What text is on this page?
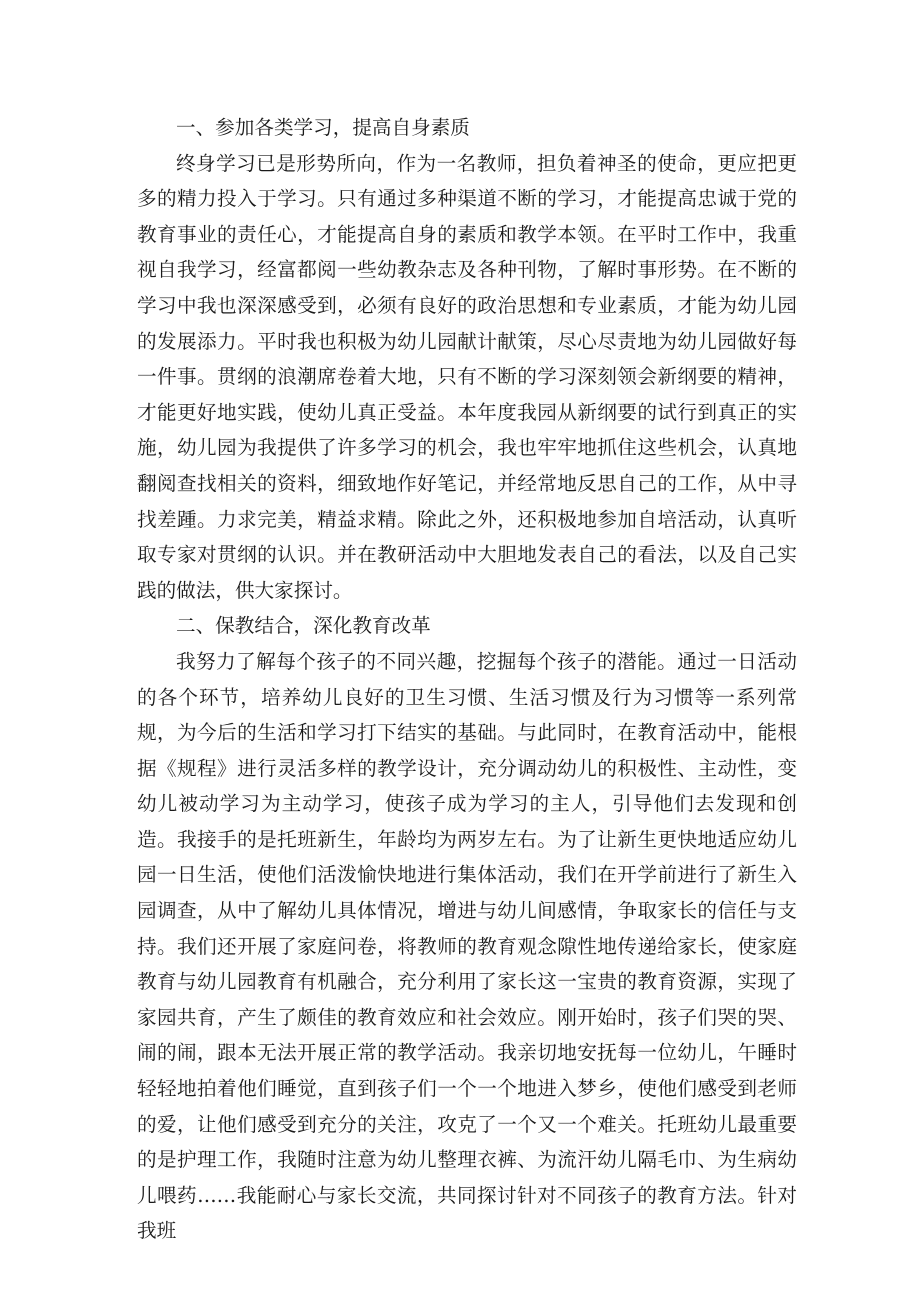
一、参加各类学习，提高自身素质

终身学习已是形势所向，作为一名教师，担负着神圣的使命，更应把更多的精力投入于学习。只有通过多种渠道不断的学习，才能提高忠诚于党的教育事业的责任心，才能提高自身的素质和教学本领。在平时工作中，我重视自我学习，经富都阅一些幼教杂志及各种刊物，了解时事形势。在不断的学习中我也深深感受到，必须有良好的政治思想和专业素质，才能为幼儿园的发展添力。平时我也积极为幼儿园献计献策，尽心尽责地为幼儿园做好每一件事。贯纲的浪潮席卷着大地，只有不断的学习深刻领会新纲要的精神，才能更好地实践，使幼儿真正受益。本年度我园从新纲要的试行到真正的实施，幼儿园为我提供了许多学习的机会，我也牢牢地抓住这些机会，认真地翻阅查找相关的资料，细致地作好笔记，并经常地反思自己的工作，从中寻找差踵。力求完美，精益求精。除此之外，还积极地参加自培活动，认真听取专家对贯纲的认识。并在教研活动中大胆地发表自己的看法，以及自己实践的做法，供大家探讨。

二、保教结合，深化教育改革

我努力了解每个孩子的不同兴趣，挖掘每个孩子的潜能。通过一日活动的各个环节，培养幼儿良好的卫生习惯、生活习惯及行为习惯等一系列常规，为今后的生活和学习打下结实的基础。与此同时，在教育活动中，能根据《规程》进行灵活多样的教学设计，充分调动幼儿的积极性、主动性，变幼儿被动学习为主动学习，使孩子成为学习的主人，引导他们去发现和创造。我接手的是托班新生，年龄均为两岁左右。为了让新生更快地适应幼儿园一日生活，使他们活泼愉快地进行集体活动，我们在开学前进行了新生入园调查，从中了解幼儿具体情况，增进与幼儿间感情，争取家长的信任与支持。我们还开展了家庭问卷，将教师的教育观念隙性地传递给家长，使家庭教育与幼儿园教育有机融合，充分利用了家长这一宝贵的教育资源，实现了家园共育，产生了颇佳的教育效应和社会效应。刚开始时，孩子们哭的哭、闹的闹，跟本无法开展正常的教学活动。我亲切地安抚每一位幼儿，午睡时轻轻地拍着他们睡觉，直到孩子们一个一个地进入梦乡，使他们感受到老师的爱，让他们感受到充分的关注，攻克了一个又一个难关。托班幼儿最重要的是护理工作，我随时注意为幼儿整理衣裤、为流汗幼儿隔毛巾、为生病幼儿喂药……我能耐心与家长交流，共同探讨针对不同孩子的教育方法。针对我班
